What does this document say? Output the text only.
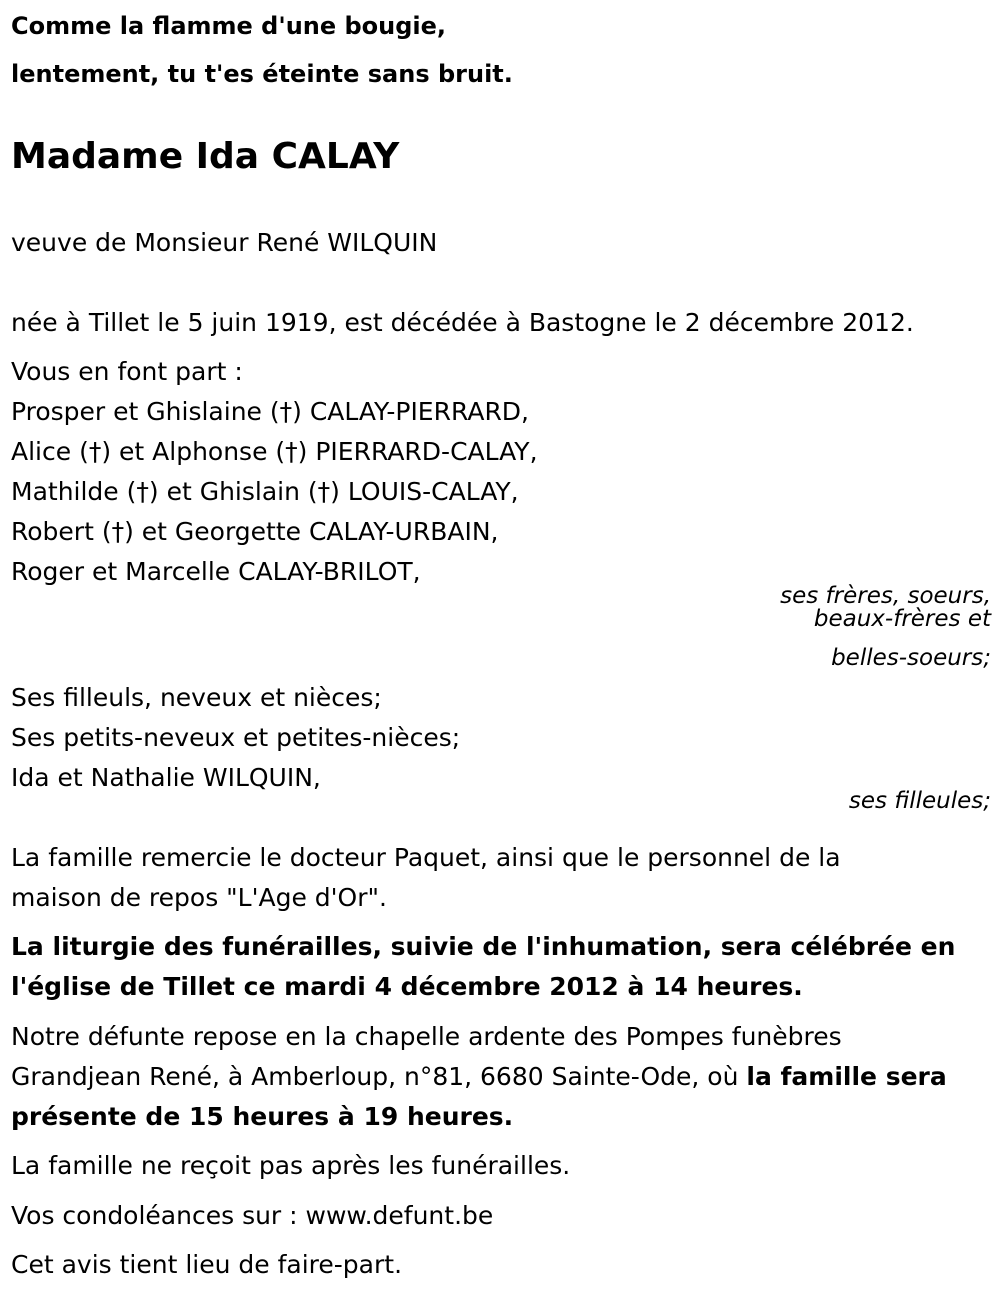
Comme la flamme d'une bougie,
lentement, tu t'es éteinte sans bruit.
Madame Ida CALAY
veuve de Monsieur René WILQUIN
née à Tillet le 5 juin 1919, est décédée à Bastogne le 2 décembre 2012.
Vous en font part :
Prosper et Ghislaine (†) CALAY-PIERRARD,
Alice (†) et Alphonse (†) PIERRARD-CALAY,
Mathilde (†) et Ghislain (†) LOUIS-CALAY,
Robert (†) et Georgette CALAY-URBAIN,
Roger et Marcelle CALAY-BRILOT,
ses frères, soeurs,
beaux-frères et
belles-soeurs;
Ses filleuls, neveux et nièces;
Ses petits-neveux et petites-nièces;
Ida et Nathalie WILQUIN,
ses filleules;
La famille remercie le docteur Paquet, ainsi que le personnel de la
maison de repos "L'Age d'Or".
La liturgie des funérailles, suivie de l'inhumation, sera célébrée en
l'église de Tillet ce mardi 4 décembre 2012 à 14 heures.
Notre défunte repose en la chapelle ardente des Pompes funèbres
Grandjean René, à Amberloup, n°81, 6680 Sainte-Ode, où la famille sera
présente de 15 heures à 19 heures.
La famille ne reçoit pas après les funérailles.
Vos condoléances sur : www.defunt.be
Cet avis tient lieu de faire-part.
